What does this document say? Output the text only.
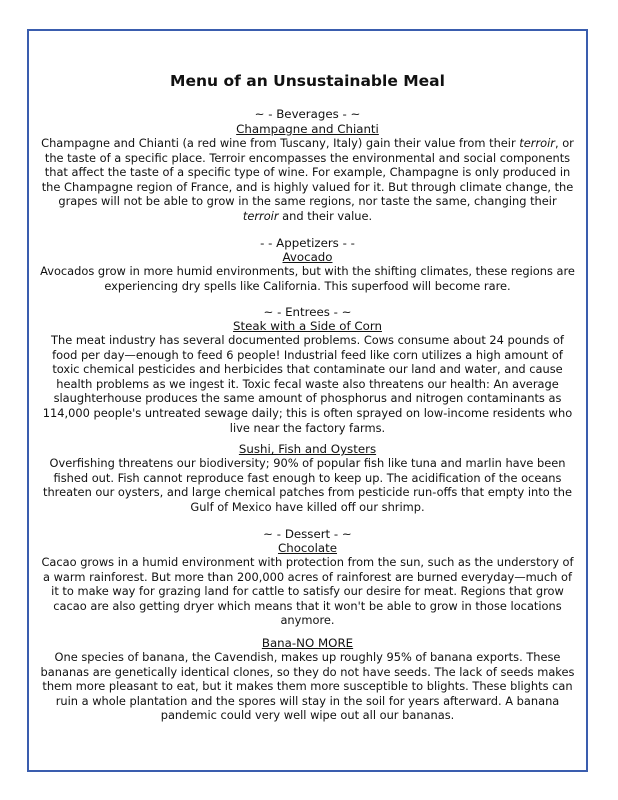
Menu of an Unsustainable Meal
~ - Beverages - ~
Champagne and Chianti

Champagne and Chianti (a red wine from Tuscany, Italy) gain their value from their terroir, or the taste of a specific place. Terroir encompasses the environmental and social components that affect the taste of a specific type of wine. For example, Champagne is only produced in the Champagne region of France, and is highly valued for it. But through climate change, the grapes will not be able to grow in the same regions, nor taste the same, changing their terroir and their value.

- - Appetizers - -
Avocado

Avocados grow in more humid environments, but with the shifting climates, these regions are experiencing dry spells like California. This superfood will become rare.

~ - Entrees - ~
Steak with a Side of Corn

The meat industry has several documented problems. Cows consume about 24 pounds of food per day—enough to feed 6 people! Industrial feed like corn utilizes a high amount of toxic chemical pesticides and herbicides that contaminate our land and water, and cause health problems as we ingest it. Toxic fecal waste also threatens our health: An average slaughterhouse produces the same amount of phosphorus and nitrogen contaminants as 114,000 people's untreated sewage daily; this is often sprayed on low-income residents who live near the factory farms.

Sushi, Fish and Oysters

Overfishing threatens our biodiversity; 90% of popular fish like tuna and marlin have been fished out. Fish cannot reproduce fast enough to keep up. The acidification of the oceans threaten our oysters, and large chemical patches from pesticide run-offs that empty into the Gulf of Mexico have killed off our shrimp.

~ - Dessert - ~
Chocolate

Cacao grows in a humid environment with protection from the sun, such as the understory of a warm rainforest. But more than 200,000 acres of rainforest are burned everyday—much of it to make way for grazing land for cattle to satisfy our desire for meat. Regions that grow cacao are also getting dryer which means that it won't be able to grow in those locations anymore.

Bana-NO MORE

One species of banana, the Cavendish, makes up roughly 95% of banana exports. These bananas are genetically identical clones, so they do not have seeds. The lack of seeds makes them more pleasant to eat, but it makes them more susceptible to blights. These blights can ruin a whole plantation and the spores will stay in the soil for years afterward. A banana pandemic could very well wipe out all our bananas.
